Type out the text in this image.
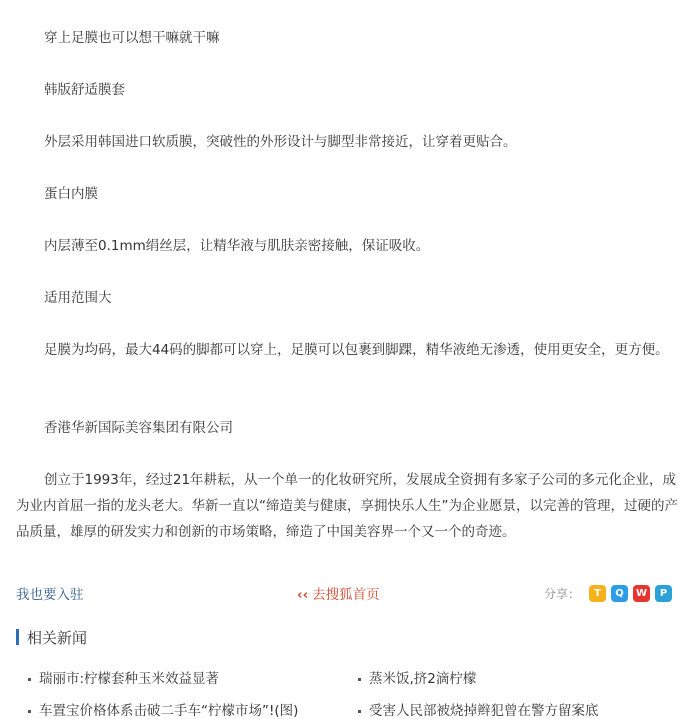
穿上足膜也可以想干嘛就干嘛

韩版舒适膜套

外层采用韩国进口软质膜，突破性的外形设计与脚型非常接近，让穿着更贴合。

蛋白内膜

内层薄至0.1mm绢丝层，让精华液与肌肤亲密接触，保证吸收。

适用范围大

足膜为均码，最大44码的脚都可以穿上，足膜可以包裹到脚踝，精华液绝无渗透，使用更安全，更方便。

香港华新国际美容集团有限公司

创立于1993年，经过21年耕耘，从一个单一的化妆研究所，发展成全资拥有多家子公司的多元化企业，成为业内首屈一指的龙头老大。华新一直以“缔造美与健康，享拥快乐人生”为企业愿景，以完善的管理，过硬的产品质量，雄厚的研发实力和创新的市场策略，缔造了中国美容界一个又一个的奇迹。

我也要入驻	‹‹ 去搜狐首页	分享： T Q W P
相关新闻
瑞丽市:柠檬套种玉米效益显著	蒸米饭,挤2滴柠檬
车置宝价格体系击破二手车“柠檬市场”!(图)	受害人民部被烧掉辫犯曾在警方留案底
